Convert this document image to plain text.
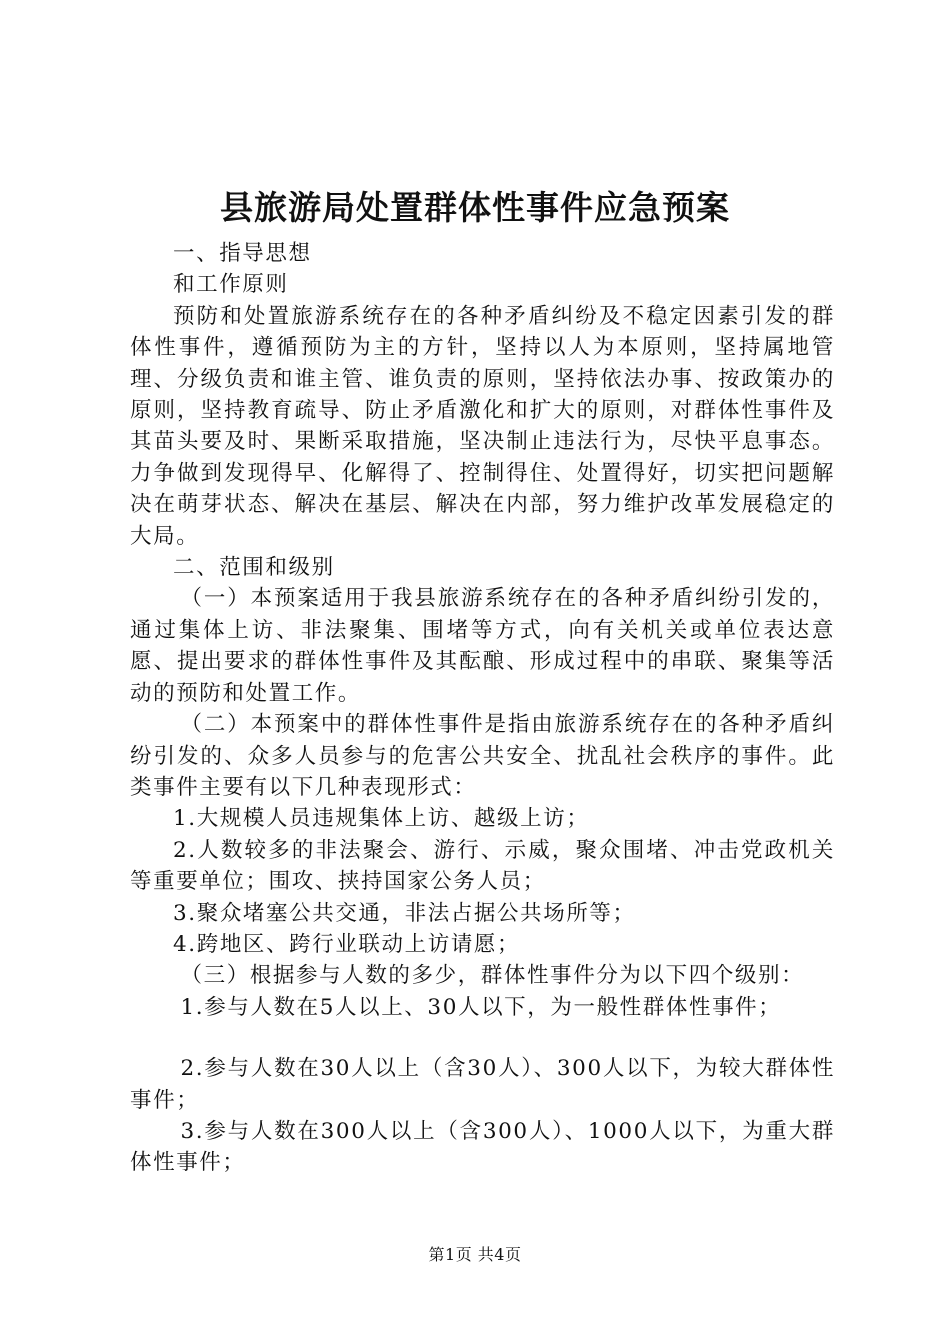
县旅游局处置群体性事件应急预案

一、指导思想

和工作原则

预防和处置旅游系统存在的各种矛盾纠纷及不稳定因素引发的群体性事件，遵循预防为主的方针，坚持以人为本原则，坚持属地管理、分级负责和谁主管、谁负责的原则，坚持依法办事、按政策办的原则，坚持教育疏导、防止矛盾激化和扩大的原则，对群体性事件及其苗头要及时、果断采取措施，坚决制止违法行为，尽快平息事态。力争做到发现得早、化解得了、控制得住、处置得好，切实把问题解决在萌芽状态、解决在基层、解决在内部，努力维护改革发展稳定的大局。

二、范围和级别

（一）本预案适用于我县旅游系统存在的各种矛盾纠纷引发的，通过集体上访、非法聚集、围堵等方式，向有关机关或单位表达意愿、提出要求的群体性事件及其酝酿、形成过程中的串联、聚集等活动的预防和处置工作。

（二）本预案中的群体性事件是指由旅游系统存在的各种矛盾纠纷引发的、众多人员参与的危害公共安全、扰乱社会秩序的事件。此类事件主要有以下几种表现形式：

1.大规模人员违规集体上访、越级上访；

2.人数较多的非法聚会、游行、示威，聚众围堵、冲击党政机关等重要单位；围攻、挟持国家公务人员；

3.聚众堵塞公共交通，非法占据公共场所等；

4.跨地区、跨行业联动上访请愿；

（三）根据参与人数的多少，群体性事件分为以下四个级别：

1.参与人数在5人以上、30人以下，为一般性群体性事件；

2.参与人数在30人以上（含30人）、300人以下，为较大群体性事件；

3.参与人数在300人以上（含300人）、1000人以下，为重大群体性事件；

第1页 共4页
